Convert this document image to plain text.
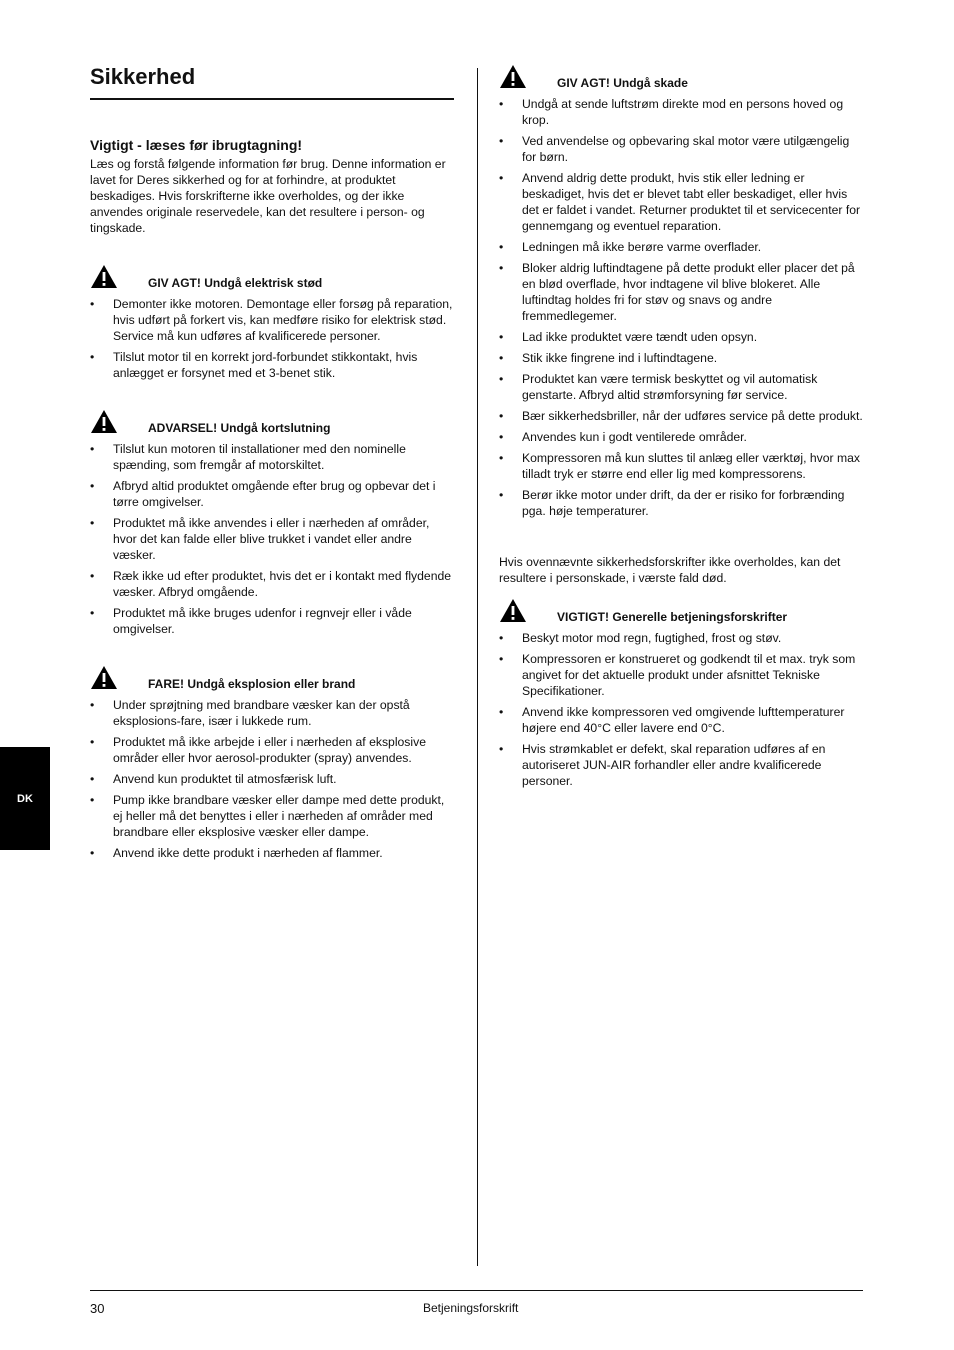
Sikkerhed
Vigtigt - læses før ibrugtagning!

Læs og forstå følgende information før brug. Denne information er lavet for Deres sikkerhed og for at forhindre, at produktet beskadiges. Hvis forskrifterne ikke overholdes, og der ikke anvendes originale reservedele, kan det resultere i person- og tingskade.

GIV AGT! Undgå elektrisk stød
• Demonter ikke motoren. Demontage eller forsøg på reparation, hvis udført på forkert vis, kan medføre risiko for elektrisk stød. Service må kun udføres af kvalificerede personer.
• Tilslut motor til en korrekt jord-forbundet stikkontakt, hvis anlægget er forsynet med et 3-benet stik.
ADVARSEL! Undgå kortslutning
• Tilslut kun motoren til installationer med den nominelle spænding, som fremgår af motorskiltet.
• Afbryd altid produktet omgående efter brug og opbevar det i tørre omgivelser.
• Produktet må ikke anvendes i eller i nærheden af områder, hvor det kan falde eller blive trukket i vandet eller andre væsker.
• Ræk ikke ud efter produktet, hvis det er i kontakt med flydende væsker. Afbryd omgående.
• Produktet må ikke bruges udenfor i regnvejr eller i våde omgivelser.
FARE! Undgå eksplosion eller brand
• Under sprøjtning med brandbare væsker kan der opstå eksplosions-fare, især i lukkede rum.
• Produktet må ikke arbejde i eller i nærheden af eksplosive områder eller hvor aerosol-produkter (spray) anvendes.
• Anvend kun produktet til atmosfærisk luft.
• Pump ikke brandbare væsker eller dampe med dette produkt, ej heller må det benyttes i eller i nærheden af områder med brandbare eller eksplosive væsker eller dampe.
• Anvend ikke dette produkt i nærheden af flammer.
GIV AGT! Undgå skade
• Undgå at sende luftstrøm direkte mod en persons hoved og krop.
• Ved anvendelse og opbevaring skal motor være utilgængelig for børn.
• Anvend aldrig dette produkt, hvis stik eller ledning er beskadiget, hvis det er blevet tabt eller beskadiget, eller hvis det er faldet i vandet. Returner produktet til et servicecenter for gennemgang og eventuel reparation.
• Ledningen må ikke berøre varme overflader.
• Bloker aldrig luftindtagene på dette produkt eller placer det på en blød overflade, hvor indtagene vil blive blokeret. Alle luftindtag holdes fri for støv og snavs og andre fremmedlegemer.
• Lad ikke produktet være tændt uden opsyn.
• Stik ikke fingrene ind i luftindtagene.
• Produktet kan være termisk beskyttet og vil automatisk genstarte. Afbryd altid strømforsyning før service.
• Bær sikkerhedsbriller, når der udføres service på dette produkt.
• Anvendes kun i godt ventilerede områder.
• Kompressoren må kun sluttes til anlæg eller værktøj, hvor max tilladt tryk er større end eller lig med kompressorens.
• Berør ikke motor under drift, da der er risiko for forbrænding pga. høje temperaturer.

Hvis ovennævnte sikkerhedsforskrifter ikke overholdes, kan det resultere i personskade, i værste fald død.

VIGTIGT! Generelle betjeningsforskrifter
• Beskyt motor mod regn, fugtighed, frost og støv.
• Kompressoren er konstrueret og godkendt til et max. tryk som angivet for det aktuelle produkt under afsnittet Tekniske Specifikationer.
• Anvend ikke kompressoren ved omgivende lufttemperaturer højere end 40°C eller lavere end 0°C.
• Hvis strømkablet er defekt, skal reparation udføres af en autoriseret JUN-AIR forhandler eller andre kvalificerede personer.
DK
30	Betjeningsforskrift
